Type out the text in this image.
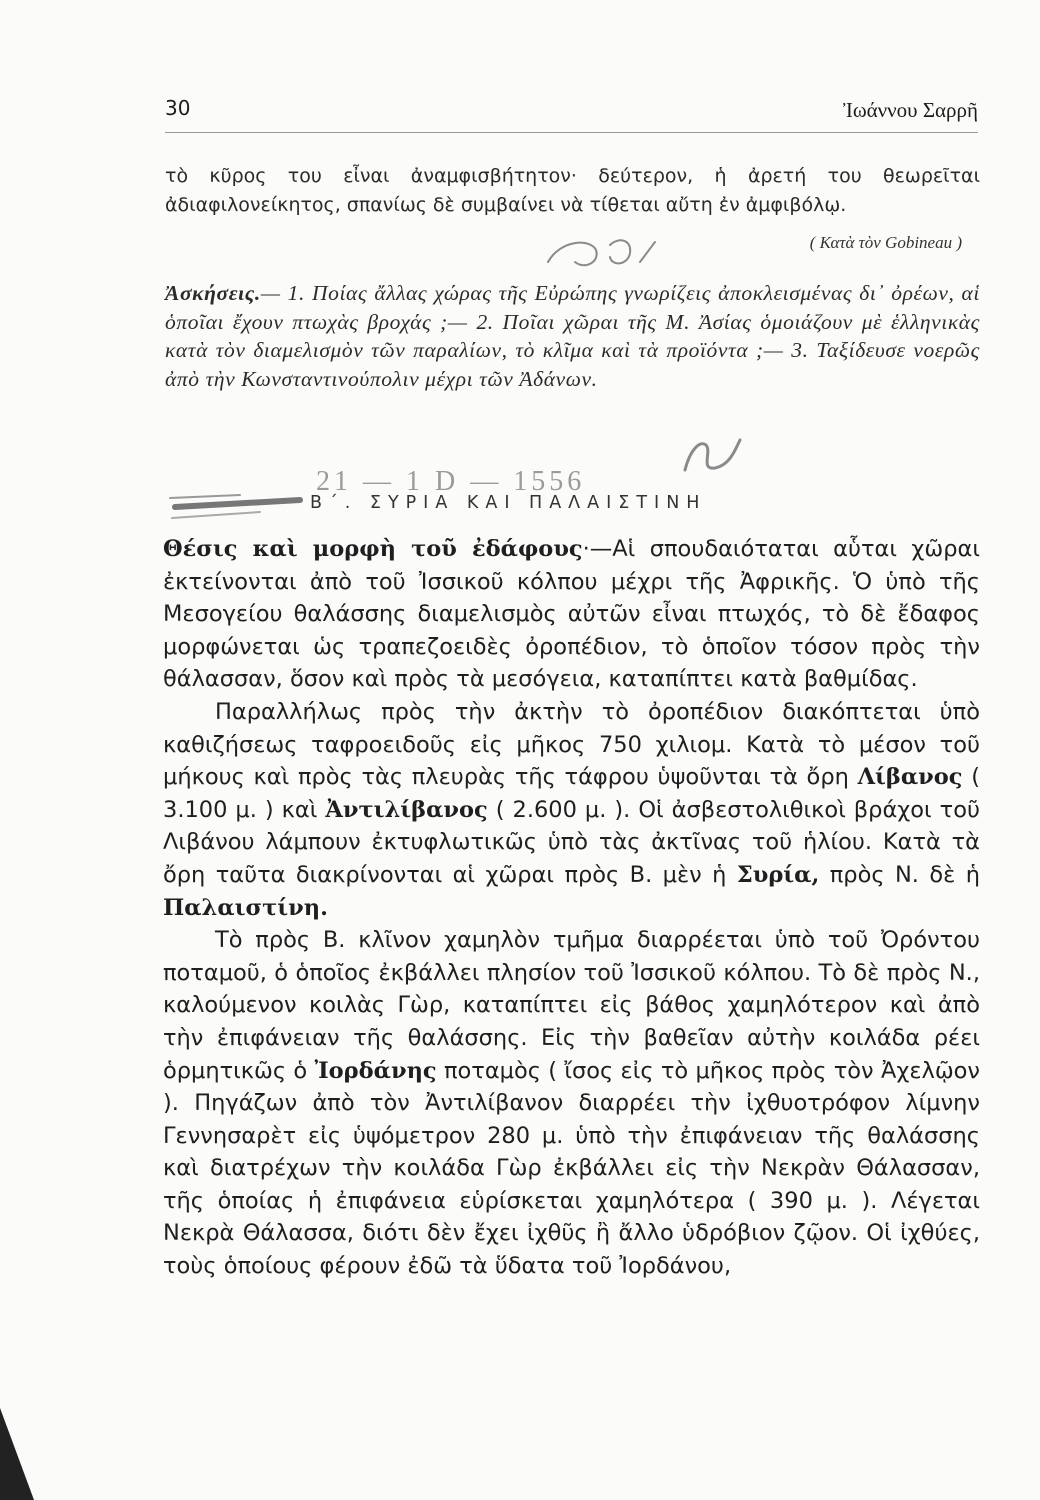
30	Ἰωάννου Σαρρῆ
τὸ κῦρος του εἶναι ἀναμφισβήτητον· δεύτερον, ἡ ἀρετή του θεωρεῖται ἀδιαφιλονείκητος, σπανίως δὲ συμβαίνει νὰ τίθεται αὔτη ἐν ἀμφιβόλῳ.
( Κατὰ τὸν Gobineau )
Ἀσκήσεις.— 1. Ποίας ἄλλας χώρας τῆς Εὐρώπης γνωρίζεις ἀποκλεισμένας δι᾽ ὀρέων, αἱ ὁποῖαι ἔχουν πτωχὰς βροχάς ;— 2. Ποῖαι χῶραι τῆς Μ. Ἀσίας ὁμοιάζουν μὲ ἑλληνικὰς κατὰ τὸν διαμελισμὸν τῶν παραλίων, τὸ κλῖμα καὶ τὰ προϊόντα ;— 3. Ταξίδευσε νοερῶς ἀπὸ τὴν Κωνσταντινούπολιν μέχρι τῶν Ἀδάνων.
Β΄. ΣΥΡΙΑ ΚΑΙ ΠΑΛΑΙΣΤΙΝΗ

Θέσις καὶ μορφὴ τοῦ ἐδάφους·—Αἱ σπουδαιόταται αὗται χῶραι ἐκτείνονται ἀπὸ τοῦ Ἰσσικοῦ κόλπου μέχρι τῆς Ἀφρικῆς. Ὁ ὑπὸ τῆς Μεσογείου θαλάσσης διαμελισμὸς αὐτῶν εἶναι πτωχός, τὸ δὲ ἔδαφος μορφώνεται ὡς τραπεζοειδὲς ὀροπέδιον, τὸ ὁποῖον τόσον πρὸς τὴν θάλασσαν, ὅσον καὶ πρὸς τὰ μεσόγεια, καταπίπτει κατὰ βαθμίδας.

Παραλλήλως πρὸς τὴν ἀκτὴν τὸ ὀροπέδιον διακόπτεται ὑπὸ καθιζήσεως ταφροειδοῦς εἰς μῆκος 750 χιλιομ. Κατὰ τὸ μέσον τοῦ μήκους καὶ πρὸς τὰς πλευρὰς τῆς τάφρου ὑψοῦνται τὰ ὄρη Λίβανος ( 3.100 μ. ) καὶ Ἀντιλίβανος ( 2.600 μ. ). Οἱ ἀσβεστολιθικοὶ βράχοι τοῦ Λιβάνου λάμπουν ἐκτυφλωτικῶς ὑπὸ τὰς ἀκτῖνας τοῦ ἡλίου. Κατὰ τὰ ὄρη ταῦτα διακρίνονται αἱ χῶραι πρὸς Β. μὲν ἡ Συρία, πρὸς Ν. δὲ ἡ Παλαιστίνη.

Τὸ πρὸς Β. κλῖνον χαμηλὸν τμῆμα διαρρέεται ὑπὸ τοῦ Ὀρόντου ποταμοῦ, ὁ ὁποῖος ἐκβάλλει πλησίον τοῦ Ἰσσικοῦ κόλπου. Τὸ δὲ πρὸς Ν., καλούμενον κοιλὰς Γὼρ, καταπίπτει εἰς βάθος χαμηλότερον καὶ ἀπὸ τὴν ἐπιφάνειαν τῆς θαλάσσης. Εἰς τὴν βαθεῖαν αὐτὴν κοιλάδα ρέει ὁρμητικῶς ὁ Ἰορδάνης ποταμὸς ( ἴσος εἰς τὸ μῆκος πρὸς τὸν Ἀχελῷον ). Πηγάζων ἀπὸ τὸν Ἀντιλίβανον διαρρέει τὴν ἰχθυοτρόφον λίμνην Γεννησαρὲτ εἰς ὑψόμετρον 280 μ. ὑπὸ τὴν ἐπιφάνειαν τῆς θαλάσσης καὶ διατρέχων τὴν κοιλάδα Γὼρ ἐκβάλλει εἰς τὴν Νεκρὰν Θάλασσαν, τῆς ὁποίας ἡ ἐπιφάνεια εὑρίσκεται χαμηλότερα ( 390 μ. ). Λέγεται Νεκρὰ Θάλασσα, διότι δὲν ἔχει ἰχθῦς ἢ ἄλλο ὑδρόβιον ζῷον. Οἱ ἰχθύες, τοὺς ὁποίους φέρουν ἐδῶ τὰ ὕδατα τοῦ Ἰορδάνου,

21 — 1 D — 1556
